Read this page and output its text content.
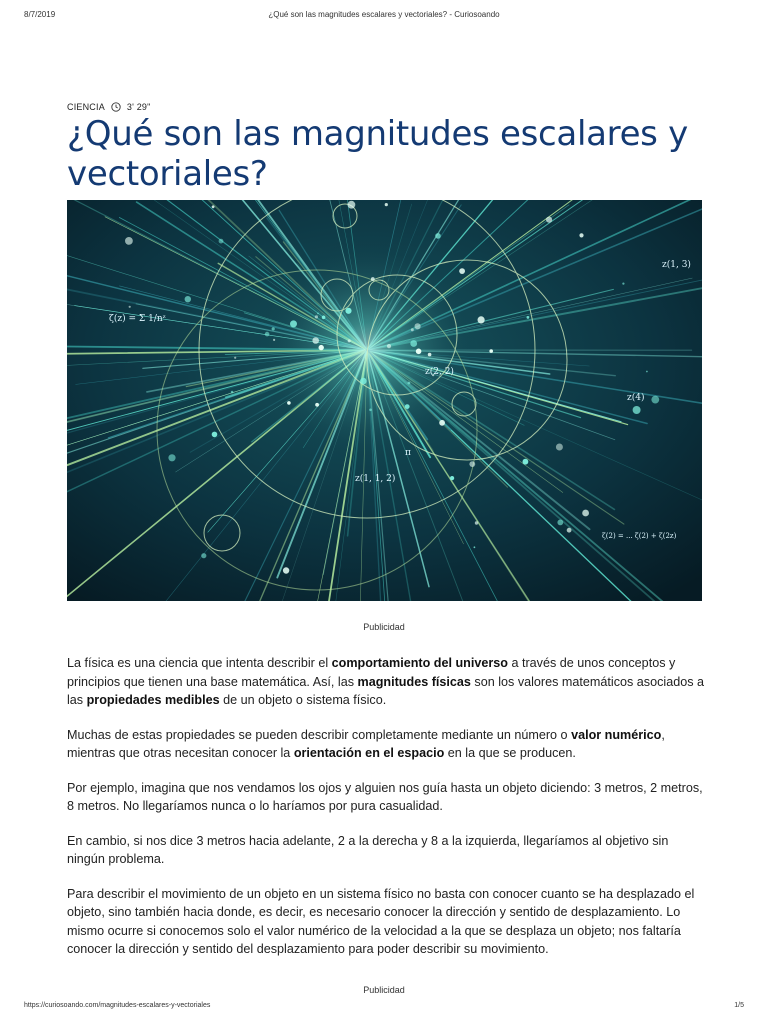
8/7/2019	¿Qué son las magnitudes escalares y vectoriales? - Curiosoando
CIENCIA 3' 29"
¿Qué son las magnitudes escalares y vectoriales?
ζ(z) = Σ 1/nᶻ
z(1, 3)
z(2, 2)
z(4)
π
z(1, 1, 2)
ζ(2) = ... ζ(2) + ζ(2z)
Publicidad

La física es una ciencia que intenta describir el comportamiento del universo a través de unos conceptos y principios que tienen una base matemática. Así, las magnitudes físicas son los valores matemáticos asociados a las propiedades medibles de un objeto o sistema físico.

Muchas de estas propiedades se pueden describir completamente mediante un número o valor numérico, mientras que otras necesitan conocer la orientación en el espacio en la que se producen.

Por ejemplo, imagina que nos vendamos los ojos y alguien nos guía hasta un objeto diciendo: 3 metros, 2 metros, 8 metros. No llegaríamos nunca o lo haríamos por pura casualidad.

En cambio, si nos dice 3 metros hacia adelante, 2 a la derecha y 8 a la izquierda, llegaríamos al objetivo sin ningún problema.

Para describir el movimiento de un objeto en un sistema físico no basta con conocer cuanto se ha desplazado el objeto, sino también hacia donde, es decir, es necesario conocer la dirección y sentido de desplazamiento. Lo mismo ocurre si conocemos solo el valor numérico de la velocidad a la que se desplaza un objeto; nos faltaría conocer la dirección y sentido del desplazamiento para poder describir su movimiento.

Publicidad
https://curiosoando.com/magnitudes-escalares-y-vectoriales	1/5
